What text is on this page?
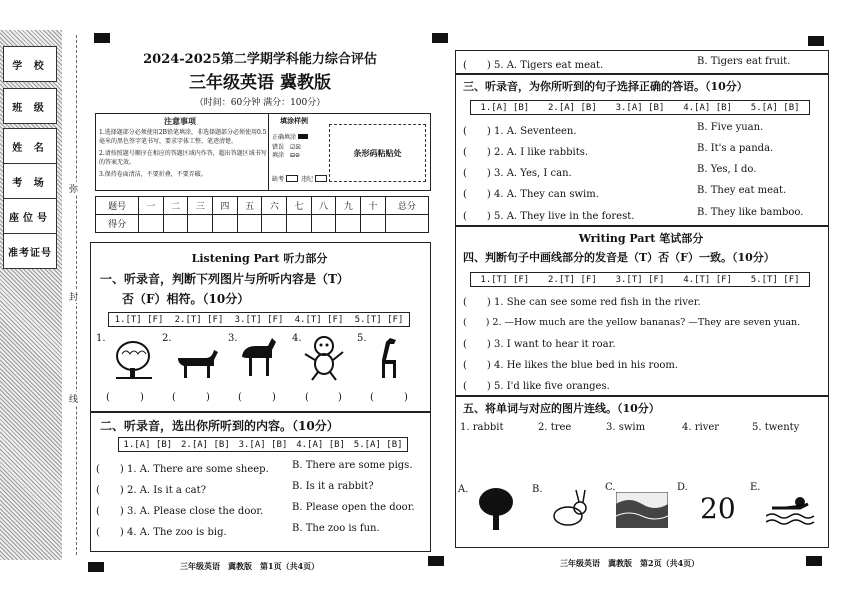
学 校
班 级
姓 名
考 场
座位号
准考证号
弥
封
线
2024-2025第二学期学科能力综合评估
三年级英语 冀教版
（时间：60分钟 满分：100分）
注意事项
1.选择题部分必须使用2B铅笔填涂，非选择题部分必须使用0.5毫米的黑色签字笔书写，要求字体工整、笔迹清楚。
2.请按照题号顺序在相应的答题区域内作答，超出答题区域书写的答案无效。
3.保持卷面清洁，不要折叠，不要弄破。
填涂样例
正确填涂
错误填涂
☑☒
⊟⊖
缺考	违纪
条形码粘贴处
题号	一	二	三	四	五	六	七	八	九	十	总分
得分											
Listening Part 听力部分
一、听录音，判断下列图片与所听内容是（T）
否（F）相符。（10分）
1.[T] [F] 2.[T] [F] 3.[T] [F] 4.[T] [F] 5.[T] [F]
1.	2.	3.	4.	5.
(	)	(	)	(	)	(	)	(	)
二、听录音，选出你所听到的内容。（10分）
1.[A] [B] 2.[A] [B] 3.[A] [B] 4.[A] [B] 5.[A] [B]
(　　) 1. A. There are some sheep. B. There are some pigs.
(　　) 2. A. Is it a cat?	B. Is it a rabbit?
(　　) 3. A. Please close the door.	B. Please open the door.
(　　) 4. A. The zoo is big.	B. The zoo is fun.
三年级英语　冀教版　第1页（共4页）
(　　) 5. A. Tigers eat meat.	B. Tigers eat fruit.
三、听录音，为你所听到的句子选择正确的答语。（10分）
1.[A] [B] 2.[A] [B] 3.[A] [B] 4.[A] [B] 5.[A] [B]
(　　) 1. A. Seventeen.	B. Five yuan.
(　　) 2. A. I like rabbits.	B. It's a panda.
(　　) 3. A. Yes, I can.	B. Yes, I do.
(　　) 4. A. They can swim.	B. They eat meat.
(　　) 5. A. They live in the forest.	B. They like bamboo.
Writing Part 笔试部分
四、判断句子中画线部分的发音是（T）否（F）一致。（10分）
1.[T] [F] 2.[T] [F] 3.[T] [F] 4.[T] [F] 5.[T] [F]
(　　) 1. She can see some red fish in the river.
(　　) 2. —How much are the yellow bananas? —They are seven yuan.
(　　) 3. I want to hear it roar.
(　　) 4. He likes the blue bed in his room.
(　　) 5. I'd like five oranges.
五、将单词与对应的图片连线。（10分）
1. rabbit	2. tree	3. swim	4. river	5. twenty
A.	B.	C.	D.	E.
20
三年级英语　冀教版　第2页（共4页）
